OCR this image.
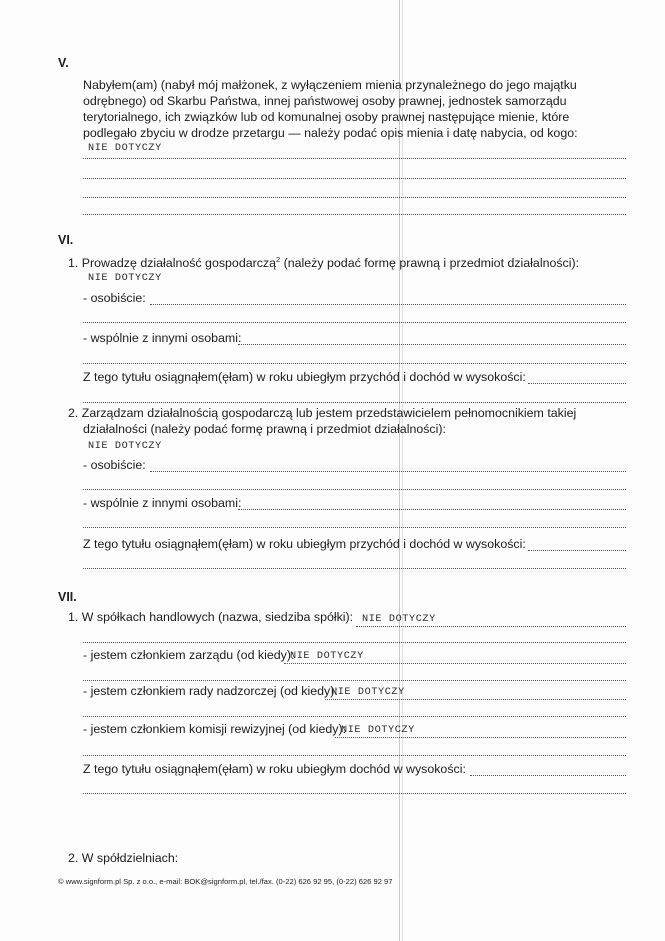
V.
Nabyłem(am) (nabył mój małżonek, z wyłączeniem mienia przynależnego do jego majątku
odrębnego) od Skarbu Państwa, innej państwowej osoby prawnej, jednostek samorządu
terytorialnego, ich związków lub od komunalnej osoby prawnej następujące mienie, które
podlegało zbyciu w drodze przetargu — należy podać opis mienia i datę nabycia, od kogo:
NIE DOTYCZY
VI.
1. Prowadzę działalność gospodarczą$^2$ (należy podać formę prawną i przedmiot działalności):
NIE DOTYCZY
- osobiście:
- wspólnie z innymi osobami:
Z tego tytułu osiągnąłem(ęłam) w roku ubiegłym przychód i dochód w wysokości:
2. Zarządzam działalnością gospodarczą lub jestem przedstawicielem pełnomocnikiem takiej
działalności (należy podać formę prawną i przedmiot działalności):
NIE DOTYCZY
- osobiście:
- wspólnie z innymi osobami:
Z tego tytułu osiągnąłem(ęłam) w roku ubiegłym przychód i dochód w wysokości:
VII.
1. W spółkach handlowych (nazwa, siedziba spółki): NIE DOTYCZY
- jestem członkiem zarządu (od kiedy):
NIE DOTYCZY
- jestem członkiem rady nadzorczej (od kiedy):
NIE DOTYCZY
- jestem członkiem komisji rewizyjnej (od kiedy):
NIE DOTYCZY
Z tego tytułu osiągnąłem(ęłam) w roku ubiegłym dochód w wysokości:
2. W spółdzielniach:
© www.signform.pl Sp. z o.o., e-mail: BOK@signform.pl, tel./fax. (0-22) 626 92 95, (0-22) 626 92 97
